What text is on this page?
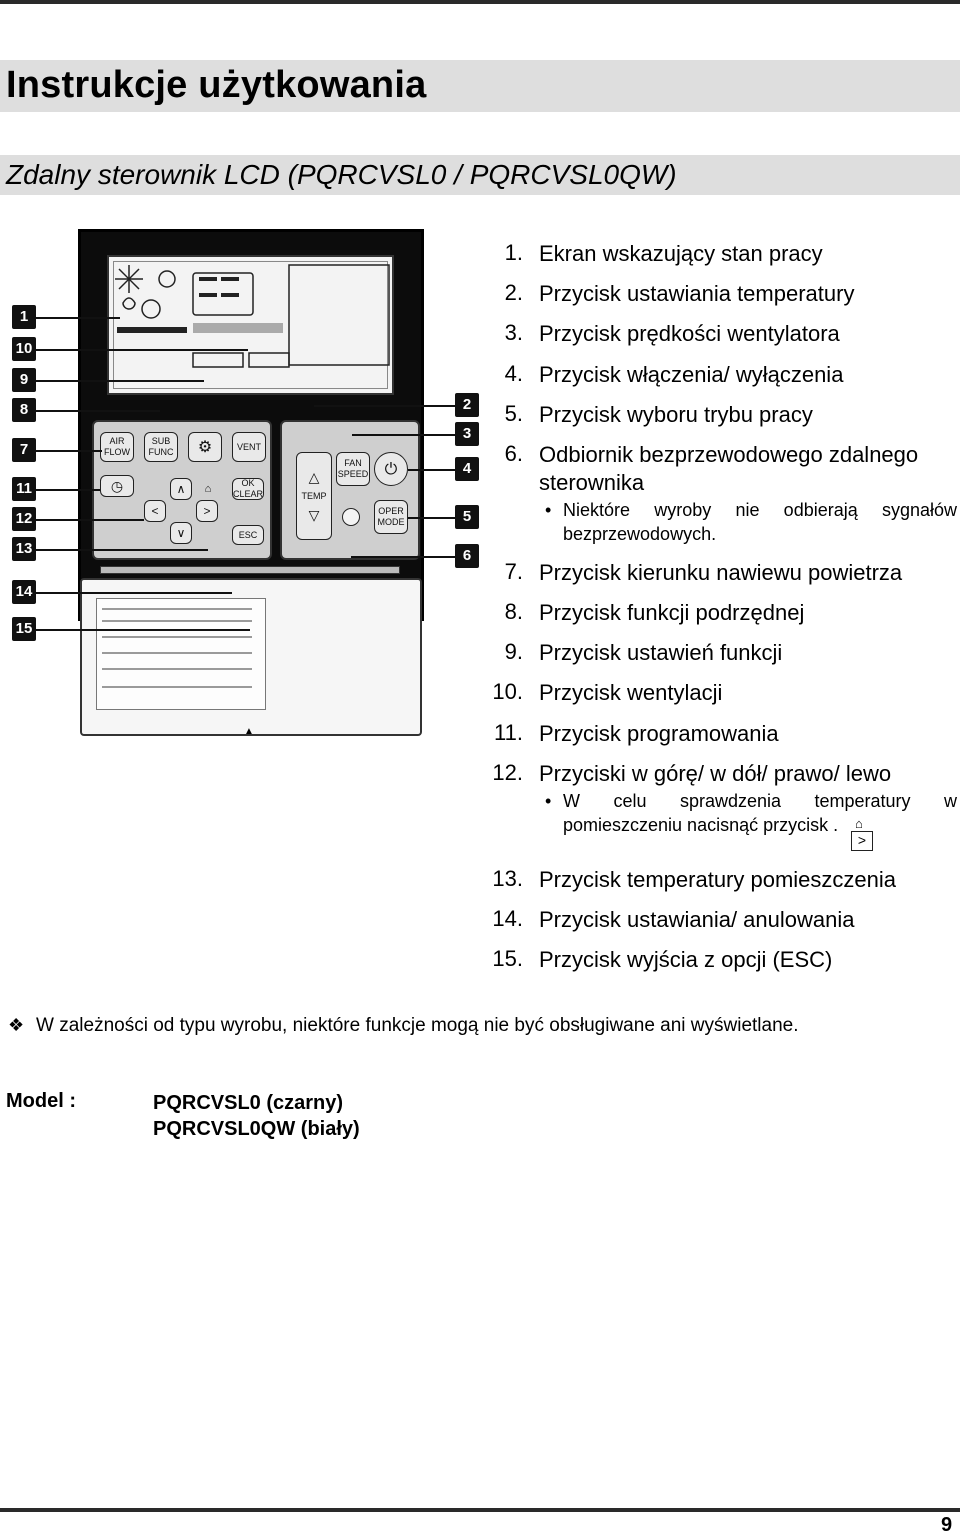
Instrukcje użytkowania
Zdalny sterownik LCD (PQRCVSL0 / PQRCVSL0QW)
AIR FLOW
SUB FUNC ⚙	VENT
◷	∧ ⌂	OK CLEAR
<	>
∨	ESC
△
TEMP
▽
FAN SPEED ⏻
OPER MODE
▲
1
10
9
8
7
11
12
13
14
15
2
3
4
5
6
1. Ekran wskazujący stan pracy
2. Przycisk ustawiania temperatury
3. Przycisk prędkości wentylatora
4. Przycisk włączenia/ wyłączenia
5. Przycisk wyboru trybu pracy
6. Odbiornik bezprzewodowego zdalnego sterownika
• Niektóre wyroby nie odbierają sygnałów bezprzewodowych.
7. Przycisk kierunku nawiewu powietrza
8. Przycisk funkcji podrzędnej
9. Przycisk ustawień funkcji
10. Przycisk wentylacji
11. Przycisk programowania
12. Przyciski w górę/ w dół/ prawo/ lewo
• W celu sprawdzenia temperatury w pomieszczeniu nacisnąć przycisk .	⌂
>
13. Przycisk temperatury pomieszczenia
14. Przycisk ustawiania/ anulowania
15. Przycisk wyjścia z opcji (ESC)
❖ W zależności od typu wyrobu, niektóre funkcje mogą nie być obsługiwane ani wyświetlane.
Model :	PQRCVSL0 (czarny)
PQRCVSL0QW (biały)
9
